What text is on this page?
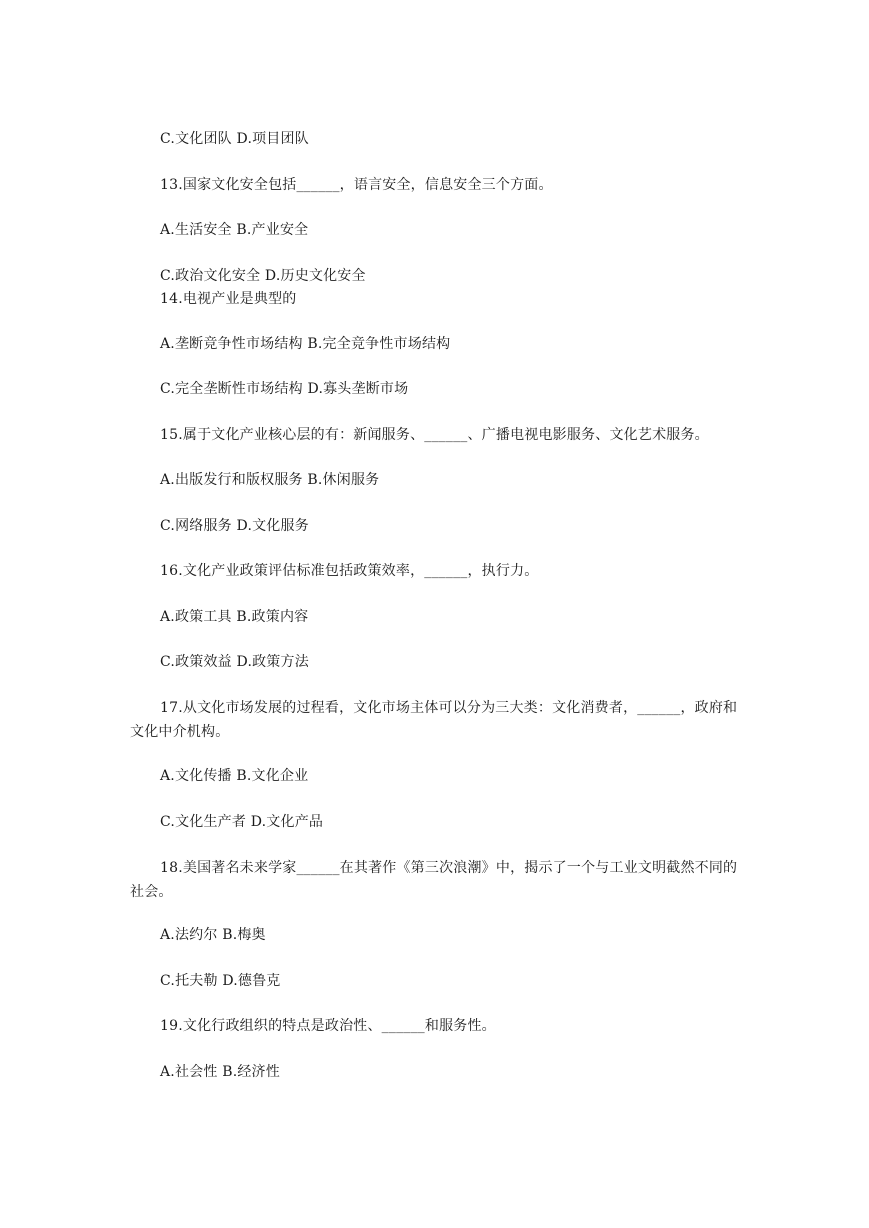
C.文化团队 D.项目团队
13.国家文化安全包括______，语言安全，信息安全三个方面。
A.生活安全 B.产业安全
C.政治文化安全 D.历史文化安全
14.电视产业是典型的
A.垄断竞争性市场结构 B.完全竞争性市场结构
C.完全垄断性市场结构 D.寡头垄断市场
15.属于文化产业核心层的有：新闻服务、______、广播电视电影服务、文化艺术服务。
A.出版发行和版权服务 B.休闲服务
C.网络服务 D.文化服务
16.文化产业政策评估标准包括政策效率，______，执行力。
A.政策工具 B.政策内容
C.政策效益 D.政策方法
17.从文化市场发展的过程看，文化市场主体可以分为三大类：文化消费者，______，政府和文化中介机构。
A.文化传播 B.文化企业
C.文化生产者 D.文化产品
18.美国著名未来学家______在其著作《第三次浪潮》中，揭示了一个与工业文明截然不同的社会。
A.法约尔 B.梅奥
C.托夫勒 D.德鲁克
19.文化行政组织的特点是政治性、______和服务性。
A.社会性 B.经济性
